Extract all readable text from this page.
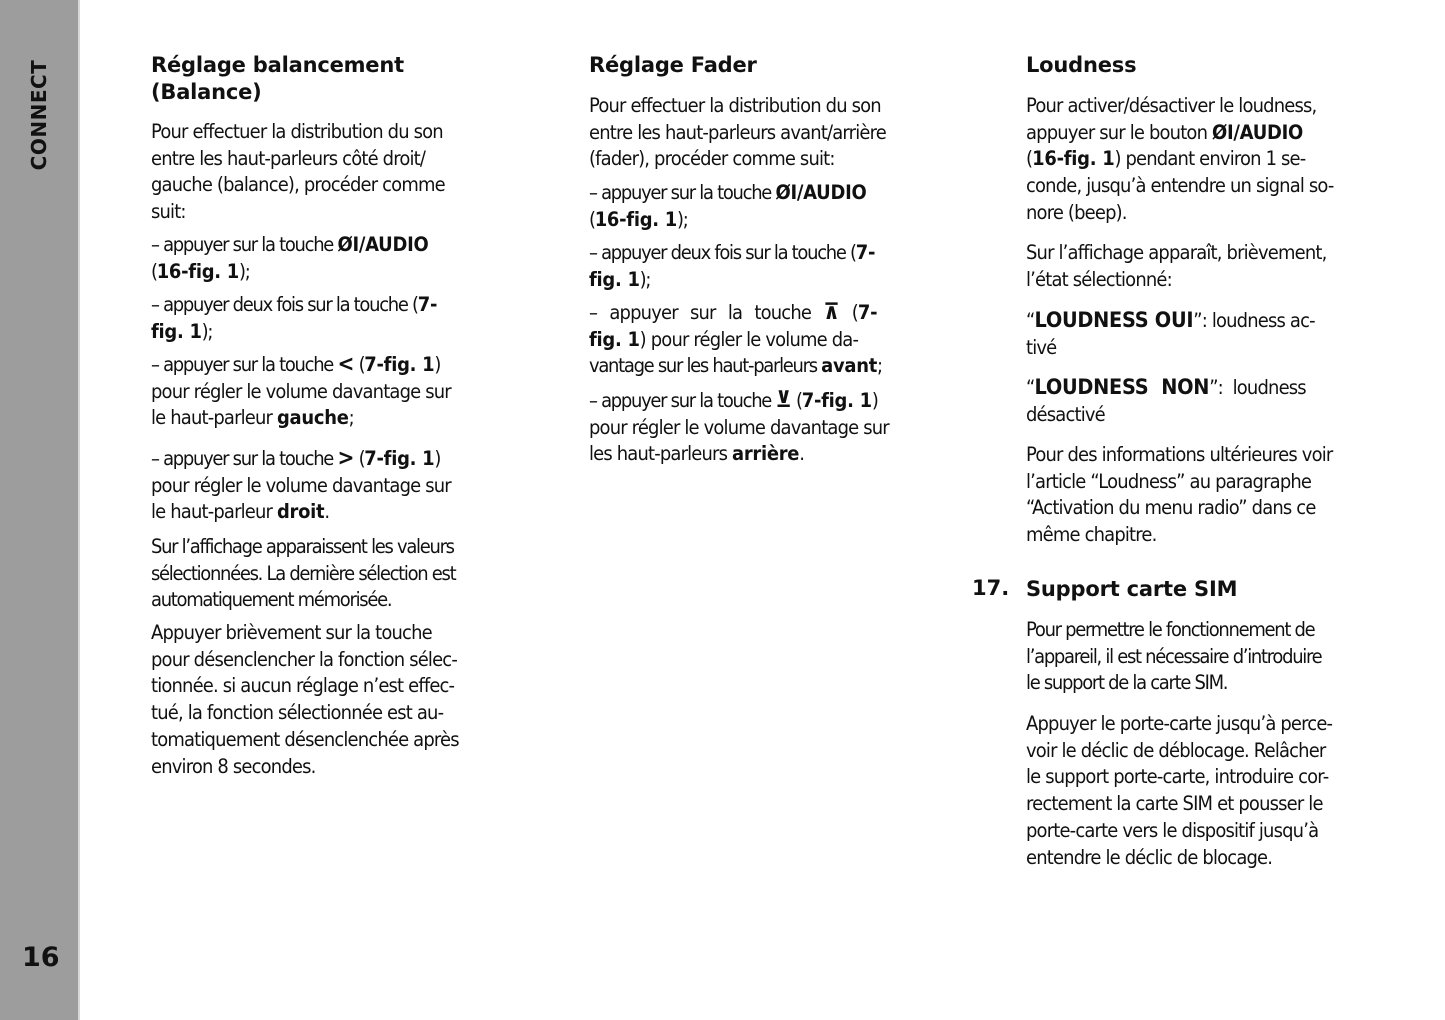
CONNECT
16
Réglage balancement
(Balance)
Pour effectuer la distribution du son
entre les haut-parleurs côté droit/
gauche (balance), procéder comme
suit:
– appuyer sur la touche ØI/AUDIO
(16-fig. 1);
– appuyer deux fois sur la touche (7-
fig. 1);
– appuyer sur la touche < (7-fig. 1)
pour régler le volume davantage sur
le haut-parleur gauche;
– appuyer sur la touche > (7-fig. 1)
pour régler le volume davantage sur
le haut-parleur droit.
Sur l’affichage apparaissent les valeurs
sélectionnées. La dernière sélection est
automatiquement mémorisée.
Appuyer brièvement sur la touche
pour désenclencher la fonction sélec-
tionnée. si aucun réglage n’est effec-
tué, la fonction sélectionnée est au-
tomatiquement désenclenchée après
environ 8 secondes.
Réglage Fader
Pour effectuer la distribution du son
entre les haut-parleurs avant/arrière
(fader), procéder comme suit:
– appuyer sur la touche ØI/AUDIO
(16-fig. 1);
– appuyer deux fois sur la touche (7-
fig. 1);
– appuyer sur la touche ⊼ (7-
fig. 1) pour régler le volume da-
vantage sur les haut-parleurs avant;
– appuyer sur la touche ⊻ (7-fig. 1)
pour régler le volume davantage sur
les haut-parleurs arrière.
Loudness
Pour activer/désactiver le loudness,
appuyer sur le bouton ØI/AUDIO
(16-fig. 1) pendant environ 1 se-
conde, jusqu’à entendre un signal so-
nore (beep).
Sur l’affichage apparaît, brièvement,
l’état sélectionné:
“LOUDNESS OUI”: loudness ac-
tivé
“LOUDNESS  NON”:  loudness
désactivé
Pour des informations ultérieures voir
l’article “Loudness” au paragraphe
“Activation du menu radio” dans ce
même chapitre.
17. Support carte SIM
Pour permettre le fonctionnement de
l’appareil, il est nécessaire d’introduire
le support de la carte SIM.
Appuyer le porte-carte jusqu’à perce-
voir le déclic de déblocage. Relâcher
le support porte-carte, introduire cor-
rectement la carte SIM et pousser le
porte-carte vers le dispositif jusqu’à
entendre le déclic de blocage.
